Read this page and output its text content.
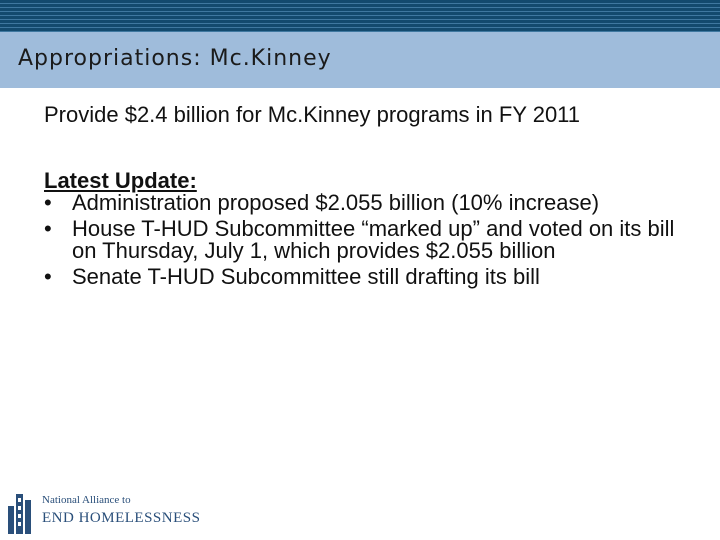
Appropriations: Mc.Kinney

Provide $2.4 billion for Mc.Kinney programs in FY 2011

Latest Update:

• Administration proposed $2.055 billion (10% increase)
• House T-HUD Subcommittee “marked up” and voted on its bill on Thursday, July 1, which provides $2.055 billion
• Senate T-HUD Subcommittee still drafting its bill
National Alliance to
END HOMELESSNESS
